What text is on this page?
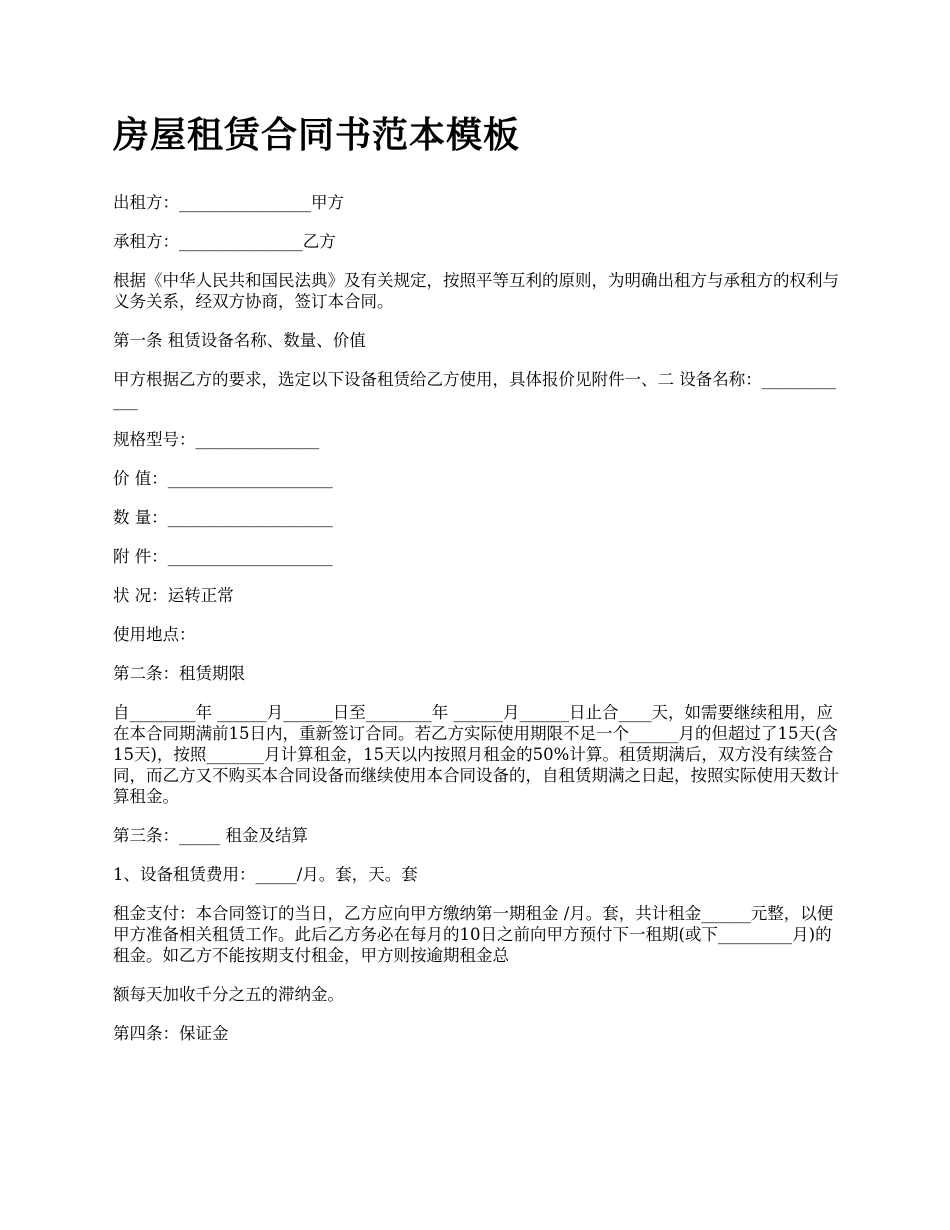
房屋租赁合同书范本模板

出租方：________________甲方

承租方：_______________乙方

根据《中华人民共和国民法典》及有关规定，按照平等互利的原则，为明确出租方与承租方的权利与义务关系，经双方协商，签订本合同。

第一条 租赁设备名称、数量、价值

甲方根据乙方的要求，选定以下设备租赁给乙方使用，具体报价见附件一、二 设备名称：____________

规格型号：_______________

价 值：____________________

数 量：____________________

附 件：____________________

状 况：运转正常

使用地点：

第二条：租赁期限

自________年 ______月______日至________年 ______月______日止合____天，如需要继续租用，应在本合同期满前15日内，重新签订合同。若乙方实际使用期限不足一个______月的但超过了15天(含15天)，按照_______月计算租金，15天以内按照月租金的50%计算。租赁期满后，双方没有续签合同，而乙方又不购买本合同设备而继续使用本合同设备的，自租赁期满之日起，按照实际使用天数计算租金。

第三条：_____ 租金及结算

1、设备租赁费用：_____/月。套，天。套

租金支付：本合同签订的当日，乙方应向甲方缴纳第一期租金 /月。套，共计租金______元整，以便甲方准备相关租赁工作。此后乙方务必在每月的10日之前向甲方预付下一租期(或下_________月)的租金。如乙方不能按期支付租金，甲方则按逾期租金总

额每天加收千分之五的滞纳金。

第四条：保证金
